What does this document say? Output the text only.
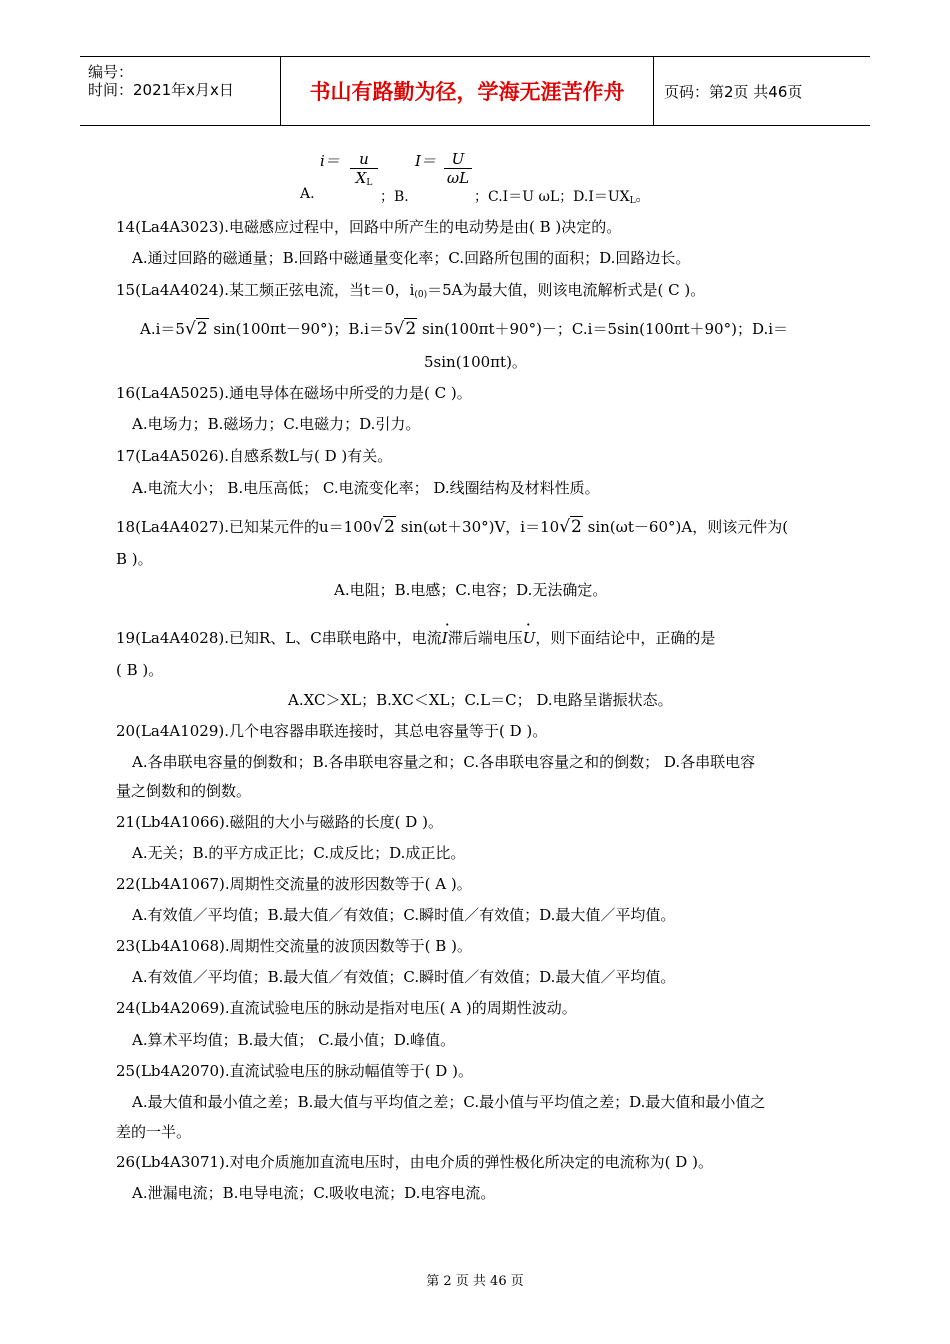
编号：
时间：2021年x月x日	书山有路勤为径，学海无涯苦作舟	页码：第2页 共46页
$i= \frac{u}{X_L} I= \frac{U}{\omega L}$
A.	；B.	；C.I＝U ωL；$D.I=UX_L$。
14(La4A3023).电磁感应过程中，回路中所产生的电动势是由( B )决定的。
A.通过回路的磁通量；B.回路中磁通量变化率；C.回路所包围的面积；D.回路边长。
15(La4A4024).某工频正弦电流，当t＝0，$i_{(0)}=5A$为最大值，则该电流解析式是( C )。
A.i＝5√2 sin(100πt－90°)；B.i＝5√2 sin(100πt＋90°)－；C.i＝5sin(100πt＋90°)；D.i＝
5sin(100πt)。
16(La4A5025).通电导体在磁场中所受的力是( C )。
A.电场力；B.磁场力；C.电磁力；D.引力。
17(La4A5026).自感系数L与( D )有关。
A.电流大小； B.电压高低； C.电流变化率； D.线圈结构及材料性质。
18(La4A4027).已知某元件的u＝100√2 sin(ωt＋30°)V，i＝10√2 sin(ωt－60°)A，则该元件为(
B )。
A.电阻；B.电感；C.电容；D.无法确定。
19(La4A4028).已知R、L、C串联电路中，电流· I滞后端电压· U，则下面结论中，正确的是
( B )。
A.XC＞XL；B.XC＜XL；C.L＝C； D.电路呈谐振状态。
20(La4A1029).几个电容器串联连接时，其总电容量等于( D )。
A.各串联电容量的倒数和；B.各串联电容量之和；C.各串联电容量之和的倒数； D.各串联电容
量之倒数和的倒数。
21(Lb4A1066).磁阻的大小与磁路的长度( D )。
A.无关；B.的平方成正比；C.成反比；D.成正比。
22(Lb4A1067).周期性交流量的波形因数等于( A )。
A.有效值／平均值；B.最大值／有效值；C.瞬时值／有效值；D.最大值／平均值。
23(Lb4A1068).周期性交流量的波顶因数等于( B )。
A.有效值／平均值；B.最大值／有效值；C.瞬时值／有效值；D.最大值／平均值。
24(Lb4A2069).直流试验电压的脉动是指对电压( A )的周期性波动。
A.算术平均值；B.最大值； C.最小值；D.峰值。
25(Lb4A2070).直流试验电压的脉动幅值等于( D )。
A.最大值和最小值之差；B.最大值与平均值之差；C.最小值与平均值之差；D.最大值和最小值之
差的一半。
26(Lb4A3071).对电介质施加直流电压时，由电介质的弹性极化所决定的电流称为( D )。
A.泄漏电流；B.电导电流；C.吸收电流；D.电容电流。
第 2 页 共 46 页
